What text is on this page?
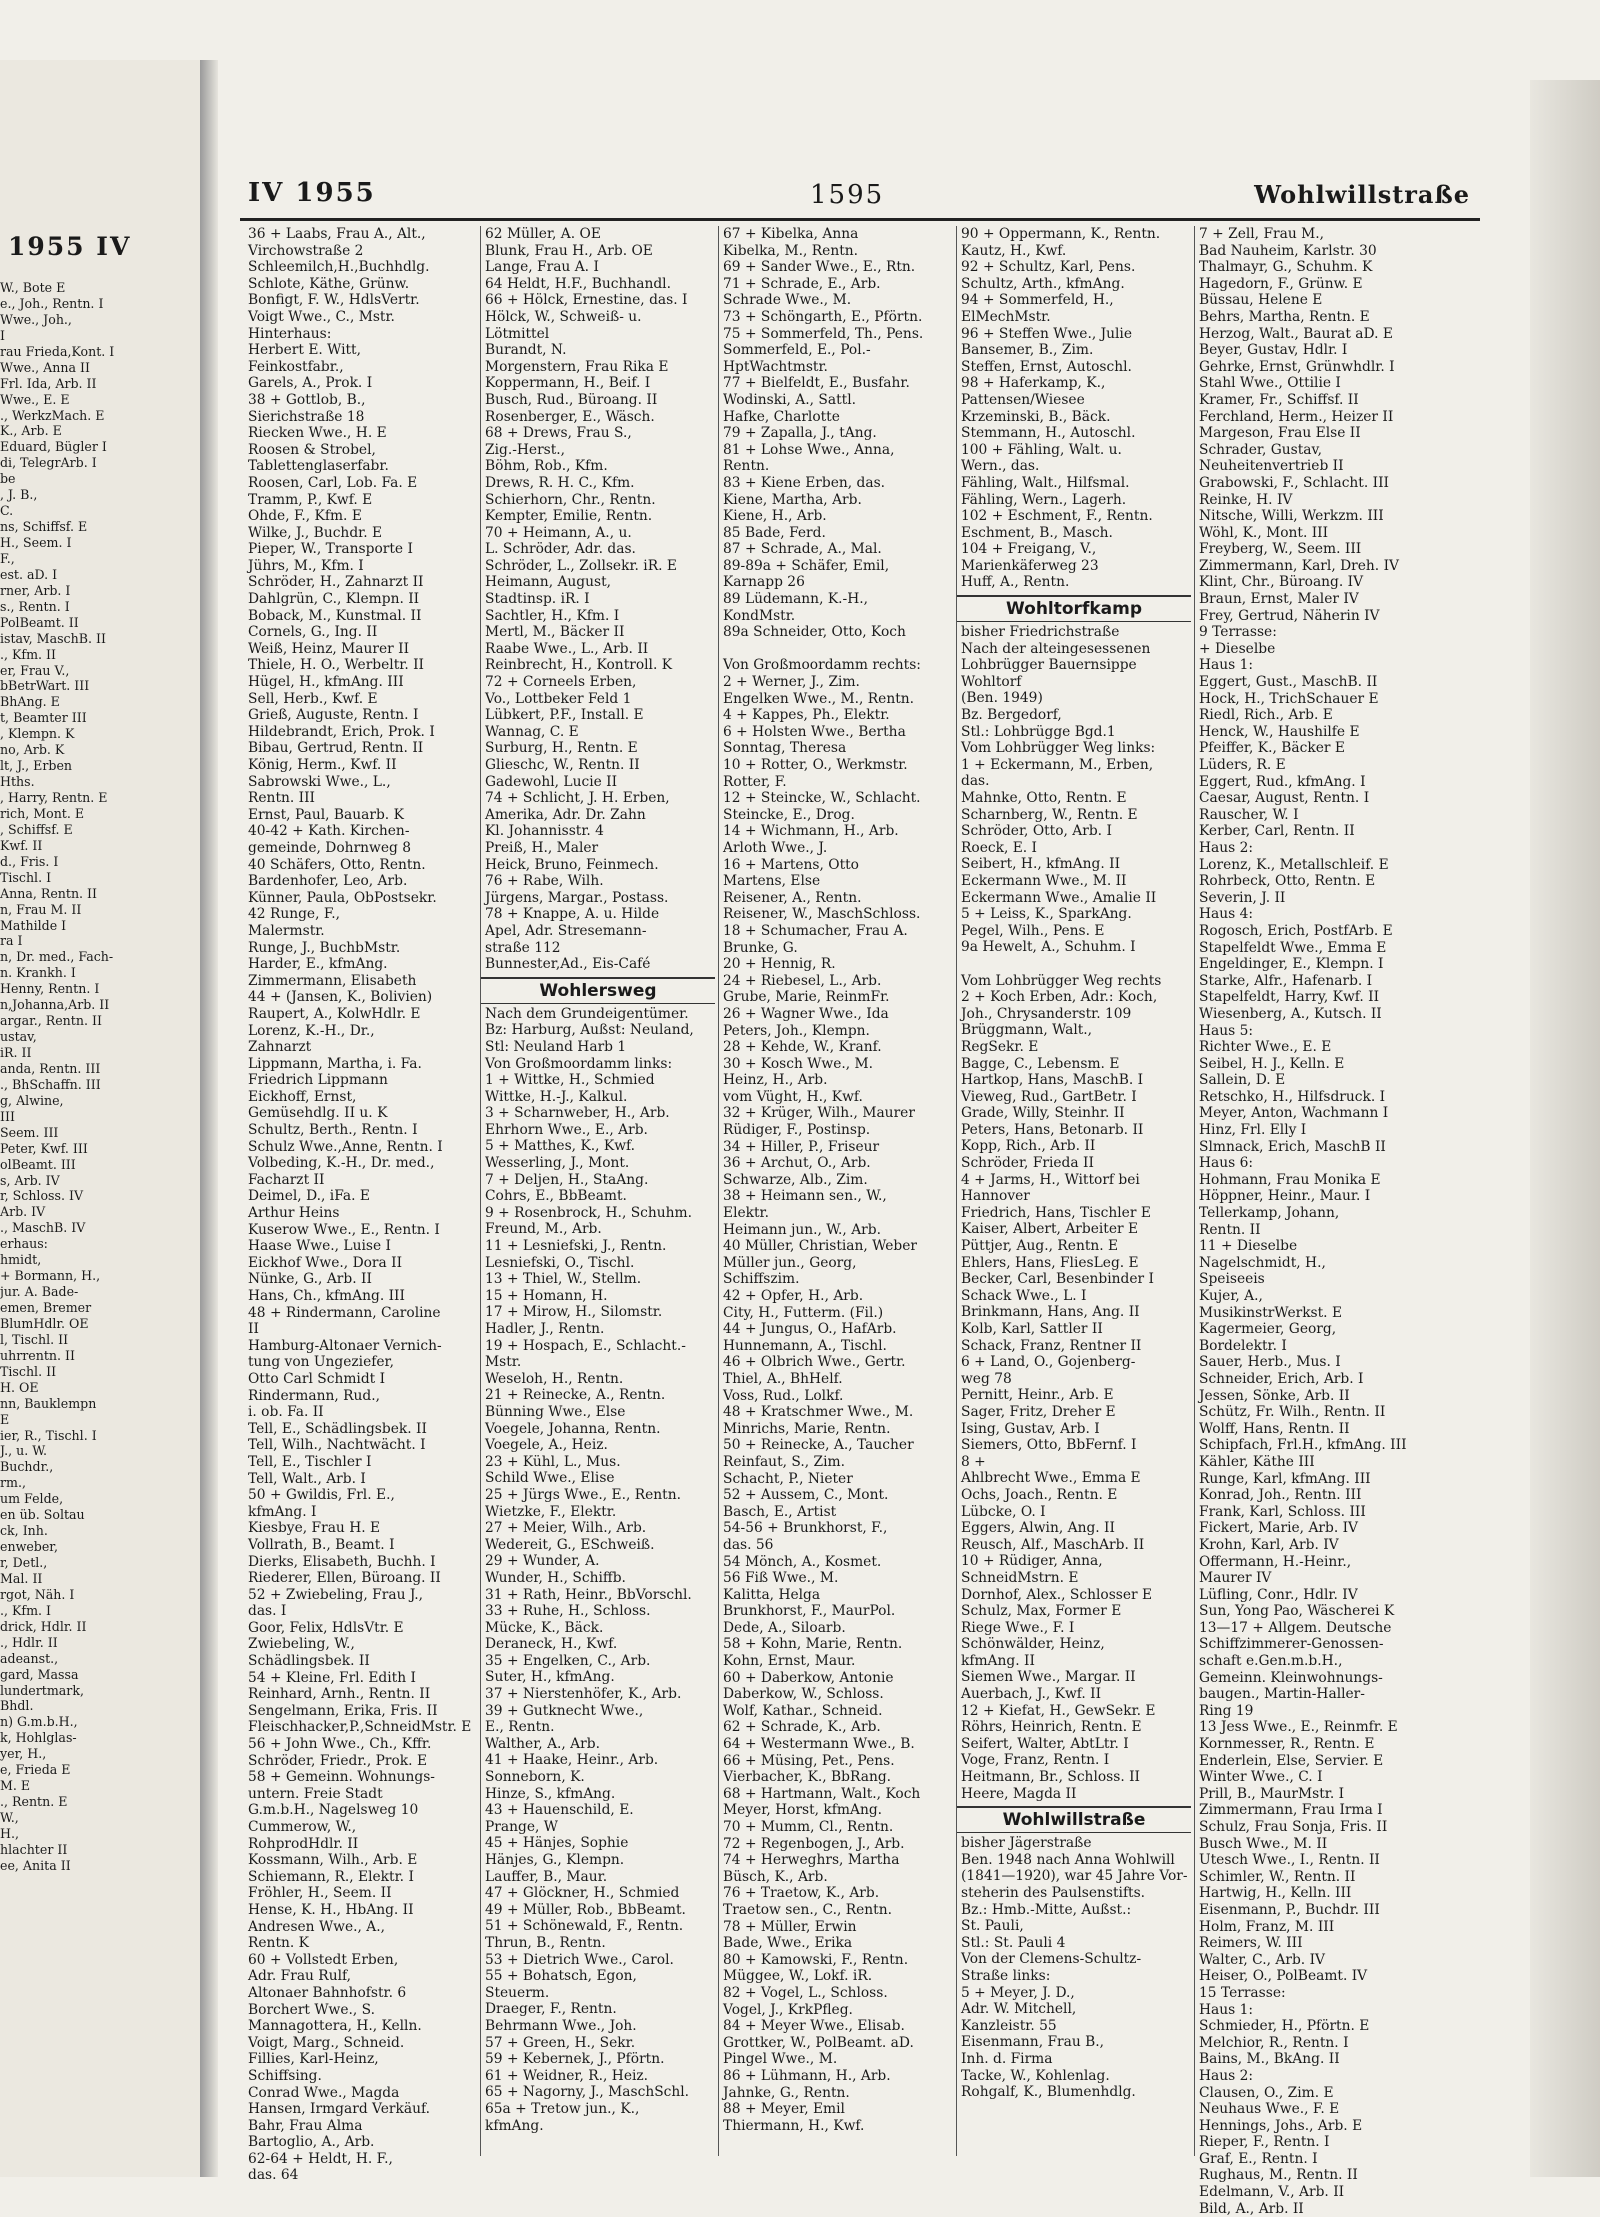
1955 IV
W., Bote E
e., Joh., Rentn. I
Wwe., Joh.,
I
rau Frieda,Kont. I
Wwe., Anna II
Frl. Ida, Arb. II
Wwe., E. E
., WerkzMach. E
K., Arb. E
Eduard, Bügler I
di, TelegrArb. I
be
, J. B.,
C.
ns, Schiffsf. E
H., Seem. I
F.,
est. aD. I
rner, Arb. I
s., Rentn. I
PolBeamt. II
istav, MaschB. II
., Kfm. II
er, Frau V.,
bBetrWart. III
BhAng. E
t, Beamter III
, Klempn. K
no, Arb. K
lt, J., Erben
Hths.
, Harry, Rentn. E
rich, Mont. E
, Schiffsf. E
Kwf. II
d., Fris. I
Tischl. I
Anna, Rentn. II
n, Frau M. II
Mathilde I
ra I
n, Dr. med., Fach-
n. Krankh. I
Henny, Rentn. I
n,Johanna,Arb. II
argar., Rentn. II
ustav,
iR. II
anda, Rentn. III
., BhSchaffn. III
g, Alwine,
III
Seem. III
Peter, Kwf. III
olBeamt. III
s, Arb. IV
r, Schloss. IV
Arb. IV
., MaschB. IV
erhaus:
hmidt,
+ Bormann, H.,
jur. A. Bade-
emen, Bremer
BlumHdlr. OE
l, Tischl. II
uhrrentn. II
Tischl. II
H. OE
nn, Bauklempn
E
ier, R., Tischl. I
J., u. W.
Buchdr.,
rm.,
um Felde,
en üb. Soltau
ck, Inh.
enweber,
r, Detl.,
Mal. II
rgot, Näh. I
., Kfm. I
drick, Hdlr. II
., Hdlr. II
adeanst.,
gard, Massa
lundertmark,
Bhdl.
n) G.m.b.H.,
k, Hohlglas-
yer, H.,
e, Frieda E
M. E
., Rentn. E
W.,
H.,
hlachter II
ee, Anita II
IV 1955	1595	Wohlwillstraße
36 + Laabs, Frau A., Alt.,
Virchowstraße 2
Schleemilch,H.,Buchhdlg.
Schlote, Käthe, Grünw.
Bonfigt, F. W., HdlsVertr.
Voigt Wwe., C., Mstr.
Hinterhaus:
Herbert E. Witt,
Feinkostfabr.,
Garels, A., Prok. I
38 + Gottlob, B.,
Sierichstraße 18
Riecken Wwe., H. E
Roosen & Strobel,
Tablettenglaserfabr.
Roosen, Carl, Lob. Fa. E
Tramm, P., Kwf. E
Ohde, F., Kfm. E
Wilke, J., Buchdr. E
Pieper, W., Transporte I
Jührs, M., Kfm. I
Schröder, H., Zahnarzt II
Dahlgrün, C., Klempn. II
Boback, M., Kunstmal. II
Cornels, G., Ing. II
Weiß, Heinz, Maurer II
Thiele, H. O., Werbeltr. II
Hügel, H., kfmAng. III
Sell, Herb., Kwf. E
Grieß, Auguste, Rentn. I
Hildebrandt, Erich, Prok. I
Bibau, Gertrud, Rentn. II
König, Herm., Kwf. II
Sabrowski Wwe., L.,
Rentn. III
Ernst, Paul, Bauarb. K
40-42 + Kath. Kirchen-
gemeinde, Dohrnweg 8
40 Schäfers, Otto, Rentn.
Bardenhofer, Leo, Arb.
Künner, Paula, ObPostsekr.
42 Runge, F.,
Malermstr.
Runge, J., BuchbMstr.
Harder, E., kfmAng.
Zimmermann, Elisabeth
44 + (Jansen, K., Bolivien)
Raupert, A., KolwHdlr. E
Lorenz, K.-H., Dr.,
Zahnarzt
Lippmann, Martha, i. Fa.
Friedrich Lippmann
Eickhoff, Ernst,
Gemüsehdlg. II u. K
Schultz, Berth., Rentn. I
Schulz Wwe.,Anne, Rentn. I
Volbeding, K.-H., Dr. med.,
Facharzt II
Deimel, D., iFa. E
Arthur Heins
Kuserow Wwe., E., Rentn. I
Haase Wwe., Luise I
Eickhof Wwe., Dora II
Nünke, G., Arb. II
Hans, Ch., kfmAng. III
48 + Rindermann, Caroline
II
Hamburg-Altonaer Vernich-
tung von Ungeziefer,
Otto Carl Schmidt I
Rindermann, Rud.,
i. ob. Fa. II
Tell, E., Schädlingsbek. II
Tell, Wilh., Nachtwächt. I
Tell, E., Tischler I
Tell, Walt., Arb. I
50 + Gwildis, Frl. E.,
kfmAng. I
Kiesbye, Frau H. E
Vollrath, B., Beamt. I
Dierks, Elisabeth, Buchh. I
Riederer, Ellen, Büroang. II
52 + Zwiebeling, Frau J.,
das. I
Goor, Felix, HdlsVtr. E
Zwiebeling, W.,
Schädlingsbek. II
54 + Kleine, Frl. Edith I
Reinhard, Arnh., Rentn. II
Sengelmann, Erika, Fris. II
Fleischhacker,P.,SchneidMstr. E
56 + John Wwe., Ch., Kffr.
Schröder, Friedr., Prok. E
58 + Gemeinn. Wohnungs-
untern. Freie Stadt
G.m.b.H., Nagelsweg 10
Cummerow, W.,
RohprodHdlr. II
Kossmann, Wilh., Arb. E
Schiemann, R., Elektr. I
Fröhler, H., Seem. II
Hense, K. H., HbAng. II
Andresen Wwe., A.,
Rentn. K
60 + Vollstedt Erben,
Adr. Frau Rulf,
Altonaer Bahnhofstr. 6
Borchert Wwe., S.
Mannagottera, H., Kelln.
Voigt, Marg., Schneid.
Fillies, Karl-Heinz,
Schiffsing.
Conrad Wwe., Magda
Hansen, Irmgard Verkäuf.
Bahr, Frau Alma
Bartoglio, A., Arb.
62-64 + Heldt, H. F.,
das. 64
62 Müller, A. OE
Blunk, Frau H., Arb. OE
Lange, Frau A. I
64 Heldt, H.F., Buchhandl.
66 + Hölck, Ernestine, das. I
Hölck, W., Schweiß- u.
Lötmittel
Burandt, N.
Morgenstern, Frau Rika E
Koppermann, H., Beif. I
Busch, Rud., Büroang. II
Rosenberger, E., Wäsch.
68 + Drews, Frau S.,
Zig.-Herst.,
Böhm, Rob., Kfm.
Drews, R. H. C., Kfm.
Schierhorn, Chr., Rentn.
Kempter, Emilie, Rentn.
70 + Heimann, A., u.
L. Schröder, Adr. das.
Schröder, L., Zollsekr. iR. E
Heimann, August,
Stadtinsp. iR. I
Sachtler, H., Kfm. I
Mertl, M., Bäcker II
Raabe Wwe., L., Arb. II
Reinbrecht, H., Kontroll. K
72 + Corneels Erben,
Vo., Lottbeker Feld 1
Lübkert, P.F., Install. E
Wannag, C. E
Surburg, H., Rentn. E
Glieschc, W., Rentn. II
Gadewohl, Lucie II
74 + Schlicht, J. H. Erben,
Amerika, Adr. Dr. Zahn
Kl. Johannisstr. 4
Preiß, H., Maler
Heick, Bruno, Feinmech.
76 + Rabe, Wilh.
Jürgens, Margar., Postass.
78 + Knappe, A. u. Hilde
Apel, Adr. Stresemann-
straße 112
Bunnester,Ad., Eis-Café
Wohlersweg
Nach dem Grundeigentümer.
Bz: Harburg, Außst: Neuland,
Stl: Neuland Harb 1
Von Großmoordamm links:
1 + Wittke, H., Schmied
Wittke, H.-J., Kalkul.
3 + Scharnweber, H., Arb.
Ehrhorn Wwe., E., Arb.
5 + Matthes, K., Kwf.
Wesserling, J., Mont.
7 + Deljen, H., StaAng.
Cohrs, E., BbBeamt.
9 + Rosenbrock, H., Schuhm.
Freund, M., Arb.
11 + Lesniefski, J., Rentn.
Lesniefski, O., Tischl.
13 + Thiel, W., Stellm.
15 + Homann, H.
17 + Mirow, H., Silomstr.
Hadler, J., Rentn.
19 + Hospach, E., Schlacht.-
Mstr.
Weseloh, H., Rentn.
21 + Reinecke, A., Rentn.
Bünning Wwe., Else
Voegele, Johanna, Rentn.
Voegele, A., Heiz.
23 + Kühl, L., Mus.
Schild Wwe., Elise
25 + Jürgs Wwe., E., Rentn.
Wietzke, F., Elektr.
27 + Meier, Wilh., Arb.
Wedereit, G., ESchweiß.
29 + Wunder, A.
Wunder, H., Schiffb.
31 + Rath, Heinr., BbVorschl.
33 + Ruhe, H., Schloss.
Mücke, K., Bäck.
Deraneck, H., Kwf.
35 + Engelken, C., Arb.
Suter, H., kfmAng.
37 + Nierstenhöfer, K., Arb.
39 + Gutknecht Wwe.,
E., Rentn.
Walther, A., Arb.
41 + Haake, Heinr., Arb.
Sonneborn, K.
Hinze, S., kfmAng.
43 + Hauenschild, E.
Prange, W
45 + Hänjes, Sophie
Hänjes, G., Klempn.
Lauffer, B., Maur.
47 + Glöckner, H., Schmied
49 + Müller, Rob., BbBeamt.
51 + Schönewald, F., Rentn.
Thrun, B., Rentn.
53 + Dietrich Wwe., Carol.
55 + Bohatsch, Egon,
Steuerm.
Draeger, F., Rentn.
Behrmann Wwe., Joh.
57 + Green, H., Sekr.
59 + Kebernek, J., Pförtn.
61 + Weidner, R., Heiz.
65 + Nagorny, J., MaschSchl.
65a + Tretow jun., K.,
kfmAng.
67 + Kibelka, Anna
Kibelka, M., Rentn.
69 + Sander Wwe., E., Rtn.
71 + Schrade, E., Arb.
Schrade Wwe., M.
73 + Schöngarth, E., Pförtn.
75 + Sommerfeld, Th., Pens.
Sommerfeld, E., Pol.-
HptWachtmstr.
77 + Bielfeldt, E., Busfahr.
Wodinski, A., Sattl.
Hafke, Charlotte
79 + Zapalla, J., tAng.
81 + Lohse Wwe., Anna,
Rentn.
83 + Kiene Erben, das.
Kiene, Martha, Arb.
Kiene, H., Arb.
85 Bade, Ferd.
87 + Schrade, A., Mal.
89-89a + Schäfer, Emil,
Karnapp 26
89 Lüdemann, K.-H.,
KondMstr.
89a Schneider, Otto, Koch
Von Großmoordamm rechts:
2 + Werner, J., Zim.
Engelken Wwe., M., Rentn.
4 + Kappes, Ph., Elektr.
6 + Holsten Wwe., Bertha
Sonntag, Theresa
10 + Rotter, O., Werkmstr.
Rotter, F.
12 + Steincke, W., Schlacht.
Steincke, E., Drog.
14 + Wichmann, H., Arb.
Arloth Wwe., J.
16 + Martens, Otto
Martens, Else
Reisener, A., Rentn.
Reisener, W., MaschSchloss.
18 + Schumacher, Frau A.
Brunke, G.
20 + Hennig, R.
24 + Riebesel, L., Arb.
Grube, Marie, ReinmFr.
26 + Wagner Wwe., Ida
Peters, Joh., Klempn.
28 + Kehde, W., Kranf.
30 + Kosch Wwe., M.
Heinz, H., Arb.
vom Vüght, H., Kwf.
32 + Krüger, Wilh., Maurer
Rüdiger, F., Postinsp.
34 + Hiller, P., Friseur
36 + Archut, O., Arb.
Schwarze, Alb., Zim.
38 + Heimann sen., W.,
Elektr.
Heimann jun., W., Arb.
40 Müller, Christian, Weber
Müller jun., Georg,
Schiffszim.
42 + Opfer, H., Arb.
City, H., Futterm. (Fil.)
44 + Jungus, O., HafArb.
Hunnemann, A., Tischl.
46 + Olbrich Wwe., Gertr.
Thiel, A., BhHelf.
Voss, Rud., Lolkf.
48 + Kratschmer Wwe., M.
Minrichs, Marie, Rentn.
50 + Reinecke, A., Taucher
Reinfaut, S., Zim.
Schacht, P., Nieter
52 + Aussem, C., Mont.
Basch, E., Artist
54-56 + Brunkhorst, F.,
das. 56
54 Mönch, A., Kosmet.
56 Fiß Wwe., M.
Kalitta, Helga
Brunkhorst, F., MaurPol.
Dede, A., Siloarb.
58 + Kohn, Marie, Rentn.
Kohn, Ernst, Maur.
60 + Daberkow, Antonie
Daberkow, W., Schloss.
Wolf, Kathar., Schneid.
62 + Schrade, K., Arb.
64 + Westermann Wwe., B.
66 + Müsing, Pet., Pens.
Vierbacher, K., BbRang.
68 + Hartmann, Walt., Koch
Meyer, Horst, kfmAng.
70 + Mumm, Cl., Rentn.
72 + Regenbogen, J., Arb.
74 + Herweghrs, Martha
Büsch, K., Arb.
76 + Traetow, K., Arb.
Traetow sen., C., Rentn.
78 + Müller, Erwin
Bade, Wwe., Erika
80 + Kamowski, F., Rentn.
Müggee, W., Lokf. iR.
82 + Vogel, L., Schloss.
Vogel, J., KrkPfleg.
84 + Meyer Wwe., Elisab.
Grottker, W., PolBeamt. aD.
Pingel Wwe., M.
86 + Lühmann, H., Arb.
Jahnke, G., Rentn.
88 + Meyer, Emil
Thiermann, H., Kwf.
90 + Oppermann, K., Rentn.
Kautz, H., Kwf.
92 + Schultz, Karl, Pens.
Schultz, Arth., kfmAng.
94 + Sommerfeld, H.,
ElMechMstr.
96 + Steffen Wwe., Julie
Bansemer, B., Zim.
Steffen, Ernst, Autoschl.
98 + Haferkamp, K.,
Pattensen/Wiesee
Krzeminski, B., Bäck.
Stemmann, H., Autoschl.
100 + Fähling, Walt. u.
Wern., das.
Fähling, Walt., Hilfsmal.
Fähling, Wern., Lagerh.
102 + Eschment, F., Rentn.
Eschment, B., Masch.
104 + Freigang, V.,
Marienkäferweg 23
Huff, A., Rentn.
Wohltorfkamp
bisher Friedrichstraße
Nach der alteingesessenen
Lohbrügger Bauernsippe
Wohltorf
(Ben. 1949)
Bz. Bergedorf,
Stl.: Lohbrügge Bgd.1
Vom Lohbrügger Weg links:
1 + Eckermann, M., Erben,
das.
Mahnke, Otto, Rentn. E
Scharnberg, W., Rentn. E
Schröder, Otto, Arb. I
Roeck, E. I
Seibert, H., kfmAng. II
Eckermann Wwe., M. II
Eckermann Wwe., Amalie II
5 + Leiss, K., SparkAng.
Pegel, Wilh., Pens. E
9a Hewelt, A., Schuhm. I
Vom Lohbrügger Weg rechts
2 + Koch Erben, Adr.: Koch,
Joh., Chrysanderstr. 109
Brüggmann, Walt.,
RegSekr. E
Bagge, C., Lebensm. E
Hartkop, Hans, MaschB. I
Vieweg, Rud., GartBetr. I
Grade, Willy, Steinhr. II
Peters, Hans, Betonarb. II
Kopp, Rich., Arb. II
Schröder, Frieda II
4 + Jarms, H., Wittorf bei
Hannover
Friedrich, Hans, Tischler E
Kaiser, Albert, Arbeiter E
Püttjer, Aug., Rentn. E
Ehlers, Hans, FliesLeg. E
Becker, Carl, Besenbinder I
Schack Wwe., L. I
Brinkmann, Hans, Ang. II
Kolb, Karl, Sattler II
Schack, Franz, Rentner II
6 + Land, O., Gojenberg-
weg 78
Pernitt, Heinr., Arb. E
Sager, Fritz, Dreher E
Ising, Gustav, Arb. I
Siemers, Otto, BbFernf. I
8 +
Ahlbrecht Wwe., Emma E
Ochs, Joach., Rentn. E
Lübcke, O. I
Eggers, Alwin, Ang. II
Reusch, Alf., MaschArb. II
10 + Rüdiger, Anna,
SchneidMstrn. E
Dornhof, Alex., Schlosser E
Schulz, Max, Former E
Riege Wwe., F. I
Schönwälder, Heinz,
kfmAng. II
Siemen Wwe., Margar. II
Auerbach, J., Kwf. II
12 + Kiefat, H., GewSekr. E
Röhrs, Heinrich, Rentn. E
Seifert, Walter, AbtLtr. I
Voge, Franz, Rentn. I
Heitmann, Br., Schloss. II
Heere, Magda II
Wohlwillstraße
bisher Jägerstraße
Ben. 1948 nach Anna Wohlwill
(1841—1920), war 45 Jahre Vor-
steherin des Paulsenstifts.
Bz.: Hmb.-Mitte, Außst.:
St. Pauli,
Stl.: St. Pauli 4
Von der Clemens-Schultz-
Straße links:
5 + Meyer, J. D.,
Adr. W. Mitchell,
Kanzleistr. 55
Eisenmann, Frau B.,
Inh. d. Firma
Tacke, W., Kohlenlag.
Rohgalf, K., Blumenhdlg.
7 + Zell, Frau M.,
Bad Nauheim, Karlstr. 30
Thalmayr, G., Schuhm. K
Hagedorn, F., Grünw. E
Büssau, Helene E
Behrs, Martha, Rentn. E
Herzog, Walt., Baurat aD. E
Beyer, Gustav, Hdlr. I
Gehrke, Ernst, Grünwhdlr. I
Stahl Wwe., Ottilie I
Kramer, Fr., Schiffsf. II
Ferchland, Herm., Heizer II
Margeson, Frau Else II
Schrader, Gustav,
Neuheitenvertrieb II
Grabowski, F., Schlacht. III
Reinke, H. IV
Nitsche, Willi, Werkzm. III
Wöhl, K., Mont. III
Freyberg, W., Seem. III
Zimmermann, Karl, Dreh. IV
Klint, Chr., Büroang. IV
Braun, Ernst, Maler IV
Frey, Gertrud, Näherin IV
9 Terrasse:
+ Dieselbe
Haus 1:
Eggert, Gust., MaschB. II
Hock, H., TrichSchauer E
Riedl, Rich., Arb. E
Henck, W., Haushilfe E
Pfeiffer, K., Bäcker E
Lüders, R. E
Eggert, Rud., kfmAng. I
Caesar, August, Rentn. I
Rauscher, W. I
Kerber, Carl, Rentn. II
Haus 2:
Lorenz, K., Metallschleif. E
Rohrbeck, Otto, Rentn. E
Severin, J. II
Haus 4:
Rogosch, Erich, PostfArb. E
Stapelfeldt Wwe., Emma E
Engeldinger, E., Klempn. I
Starke, Alfr., Hafenarb. I
Stapelfeldt, Harry, Kwf. II
Wiesenberg, A., Kutsch. II
Haus 5:
Richter Wwe., E. E
Seibel, H. J., Kelln. E
Sallein, D. E
Retschko, H., Hilfsdruck. I
Meyer, Anton, Wachmann I
Hinz, Frl. Elly I
Slmnack, Erich, MaschB II
Haus 6:
Hohmann, Frau Monika E
Höppner, Heinr., Maur. I
Tellerkamp, Johann,
Rentn. II
11 + Dieselbe
Nagelschmidt, H.,
Speiseeis
Kujer, A.,
MusikinstrWerkst. E
Kagermeier, Georg,
Bordelektr. I
Sauer, Herb., Mus. I
Schneider, Erich, Arb. I
Jessen, Sönke, Arb. II
Schütz, Fr. Wilh., Rentn. II
Wolff, Hans, Rentn. II
Schipfach, Frl.H., kfmAng. III
Kähler, Käthe III
Runge, Karl, kfmAng. III
Konrad, Joh., Rentn. III
Frank, Karl, Schloss. III
Fickert, Marie, Arb. IV
Krohn, Karl, Arb. IV
Offermann, H.-Heinr.,
Maurer IV
Lüfling, Conr., Hdlr. IV
Sun, Yong Pao, Wäscherei K
13—17 + Allgem. Deutsche
Schiffzimmerer-Genossen-
schaft e.Gen.m.b.H.,
Gemeinn. Kleinwohnungs-
baugen., Martin-Haller-
Ring 19
13 Jess Wwe., E., Reinmfr. E
Kornmesser, R., Rentn. E
Enderlein, Else, Servier. E
Winter Wwe., C. I
Prill, B., MaurMstr. I
Zimmermann, Frau Irma I
Schulz, Frau Sonja, Fris. II
Busch Wwe., M. II
Utesch Wwe., I., Rentn. II
Schimler, W., Rentn. II
Hartwig, H., Kelln. III
Eisenmann, P., Buchdr. III
Holm, Franz, M. III
Reimers, W. III
Walter, C., Arb. IV
Heiser, O., PolBeamt. IV
15 Terrasse:
Haus 1:
Schmieder, H., Pförtn. E
Melchior, R., Rentn. I
Bains, M., BkAng. II
Haus 2:
Clausen, O., Zim. E
Neuhaus Wwe., F. E
Hennings, Johs., Arb. E
Rieper, F., Rentn. I
Graf, E., Rentn. I
Rughaus, M., Rentn. II
Edelmann, V., Arb. II
Bild, A., Arb. II
